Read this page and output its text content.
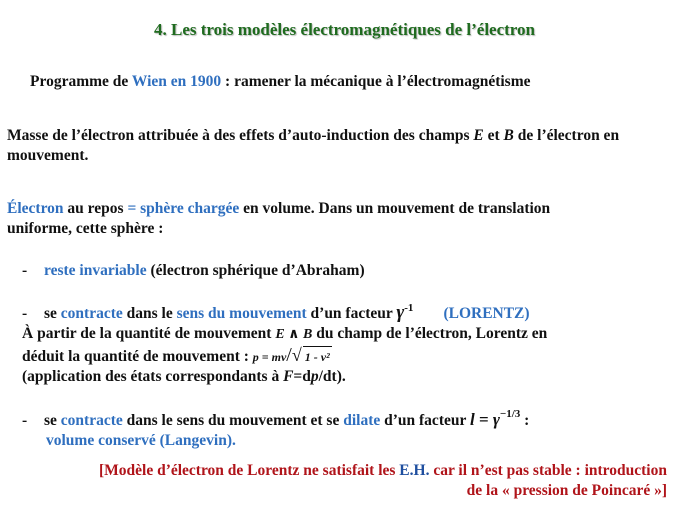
4. Les trois modèles électromagnétiques de l’électron
Programme de Wien en 1900 : ramener la mécanique à l’électromagnétisme
Masse de l’électron attribuée à des effets d’auto-induction des champs E et B de l’électron en
mouvement.
Électron au repos = sphère chargée en volume. Dans un mouvement de translation
uniforme, cette sphère :
- reste invariable (électron sphérique d’Abraham)
- se contracte dans le sens du mouvement d’un facteur $\gamma^{-1}$ (LORENTZ)
À partir de la quantité de mouvement E ∧ B du champ de l’électron, Lorentz en
déduit la quantité de mouvement : p = mv/√ 1 - v²
(application des états correspondants à F=dp/dt).
- se contracte dans le sens du mouvement et se dilate d’un facteur $l = \gamma^{-1/3}$ :
volume conservé (Langevin).
[Modèle d’électron de Lorentz ne satisfait les E.H. car il n’est pas stable : introduction
de la « pression de Poincaré »]
